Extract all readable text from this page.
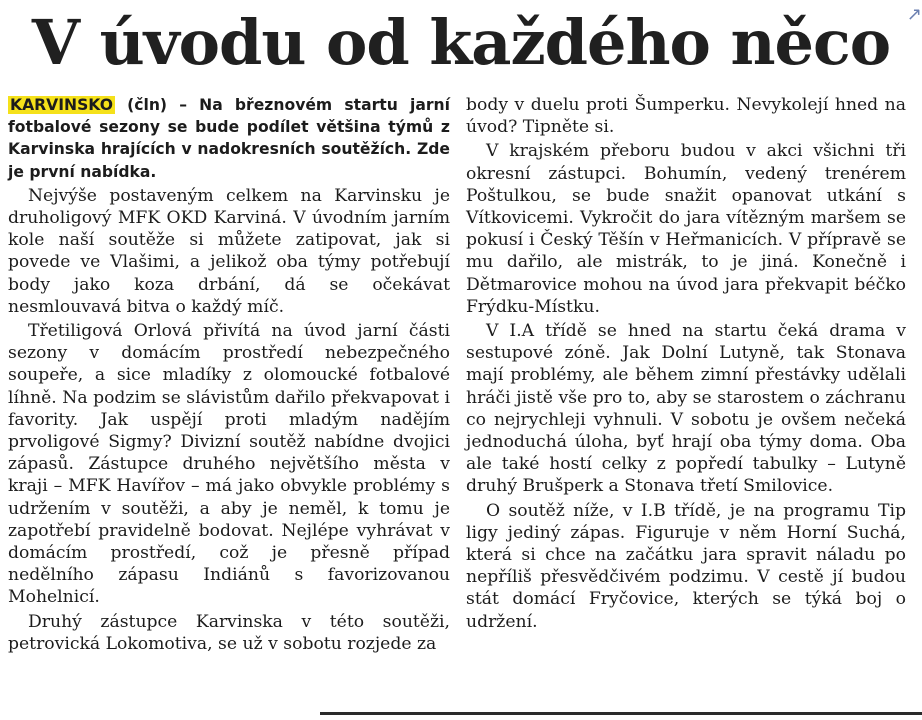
V úvodu od každého něco ↗

KARVINSKO (čln) – Na březnovém startu jarní fotbalové sezony se bude podílet většina týmů z Karvinska hrajících v nadokresních soutěžích. Zde je první nabídka.

Nejvýše postaveným celkem na Karvinsku je druholigový MFK OKD Karviná. V úvodním jarním kole naší soutěže si můžete zatipovat, jak si povede ve Vlašimi, a jelikož oba týmy potřebují body jako koza drbání, dá se očekávat nesmlouvavá bitva o každý míč.

Třetiligová Orlová přivítá na úvod jarní části sezony v domácím prostředí nebezpečného soupeře, a sice mladíky z olomoucké fotbalové líhně. Na podzim se slávistům dařilo překvapovat i favority. Jak uspějí proti mladým nadějím prvoligové Sigmy? Divizní soutěž nabídne dvojici zápasů. Zástupce druhého největšího města v kraji – MFK Havířov – má jako obvykle problémy s udržením v soutěži, a aby je neměl, k tomu je zapotřebí pravidelně bodovat. Nejlépe vyhrávat v domácím prostředí, což je přesně případ nedělního zápasu Indiánů s favorizovanou Mohelnicí.

Druhý zástupce Karvinska v této soutěži, petrovická Lokomotiva, se už v sobotu rozjede za

body v duelu proti Šumperku. Nevykolejí hned na úvod? Tipněte si.

V krajském přeboru budou v akci všichni tři okresní zástupci. Bohumín, vedený trenérem Poštulkou, se bude snažit opanovat utkání s Vítkovicemi. Vykročit do jara vítězným maršem se pokusí i Český Těšín v Heřmanicích. V přípravě se mu dařilo, ale mistrák, to je jiná. Konečně i Dětmarovice mohou na úvod jara překvapit béčko Frýdku-Místku.

V I.A třídě se hned na startu čeká drama v sestupové zóně. Jak Dolní Lutyně, tak Stonava mají problémy, ale během zimní přestávky udělali hráči jistě vše pro to, aby se starostem o záchranu co nejrychleji vyhnuli. V sobotu je ovšem nečeká jednoduchá úloha, byť hrají oba týmy doma. Oba ale také hostí celky z popředí tabulky – Lutyně druhý Brušperk a Stonava třetí Smilovice.

O soutěž níže, v I.B třídě, je na programu Tip ligy jediný zápas. Figuruje v něm Horní Suchá, která si chce na začátku jara spravit náladu po nepříliš přesvědčivém podzimu. V cestě jí budou stát domácí Fryčovice, kterých se týká boj o udržení.
